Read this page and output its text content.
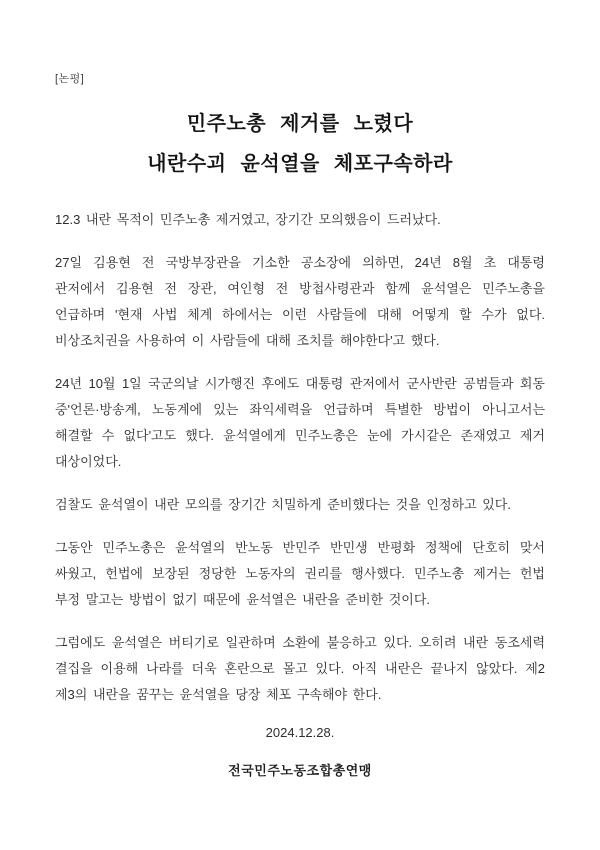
[논평]
민주노총 제거를 노렸다
내란수괴 윤석열을 체포구속하라

12.3 내란 목적이 민주노총 제거였고, 장기간 모의했음이 드러났다.

27일 김용현 전 국방부장관을 기소한 공소장에 의하면, 24년 8월 초 대통령 관저에서 김용현 전 장관, 여인형 전 방첩사령관과 함께 윤석열은 민주노총을 언급하며 '현재 사법 체계 하에서는 이런 사람들에 대해 어떻게 할 수가 없다. 비상조치권을 사용하여 이 사람들에 대해 조치를 해야한다'고 했다.

24년 10월 1일 국군의날 시가행진 후에도 대통령 관저에서 군사반란 공범들과 회동 중'언론·방송계, 노동계에 있는 좌익세력을 언급하며 특별한 방법이 아니고서는 해결할 수 없다'고도 했다. 윤석열에게 민주노총은 눈에 가시같은 존재였고 제거 대상이었다.

검찰도 윤석열이 내란 모의를 장기간 치밀하게 준비했다는 것을 인정하고 있다.

그동안 민주노총은 윤석열의 반노동 반민주 반민생 반평화 정책에 단호히 맞서 싸웠고, 헌법에 보장된 정당한 노동자의 권리를 행사했다. 민주노총 제거는 헌법 부정 말고는 방법이 없기 때문에 윤석열은 내란을 준비한 것이다.

그럼에도 윤석열은 버티기로 일관하며 소환에 불응하고 있다. 오히려 내란 동조세력 결집을 이용해 나라를 더욱 혼란으로 몰고 있다. 아직 내란은 끝나지 않았다. 제2 제3의 내란을 꿈꾸는 윤석열을 당장 체포 구속해야 한다.

2024.12.28.
전국민주노동조합총연맹
